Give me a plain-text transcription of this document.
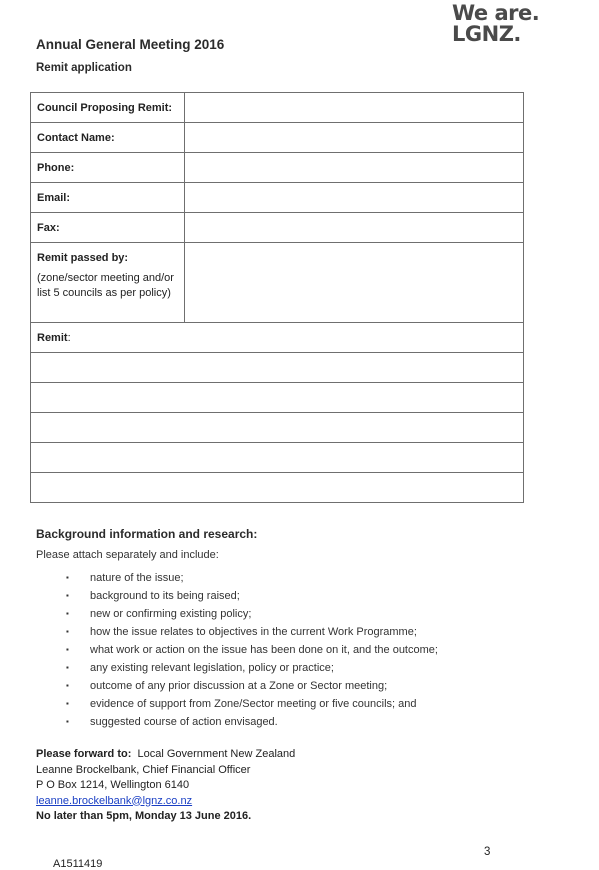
We are.
LGNZ.
Annual General Meeting 2016
Remit application
Council Proposing Remit:	
Contact Name:	
Phone:	
Email:	
Fax:	

Remit passed by:
(zone/sector meeting and/or list 5 councils as per policy)	

Remit:	

Background information and research:
Please attach separately and include:
▪ nature of the issue;
▪ background to its being raised;
▪ new or confirming existing policy;
▪ how the issue relates to objectives in the current Work Programme;
▪ what work or action on the issue has been done on it, and the outcome;
▪ any existing relevant legislation, policy or practice;
▪ outcome of any prior discussion at a Zone or Sector meeting;
▪ evidence of support from Zone/Sector meeting or five councils; and
▪ suggested course of action envisaged.
Please forward to: Local Government New Zealand
Leanne Brockelbank, Chief Financial Officer
P O Box 1214, Wellington 6140
leanne.brockelbank@lgnz.co.nz
No later than 5pm, Monday 13 June 2016.
3
A1511419
